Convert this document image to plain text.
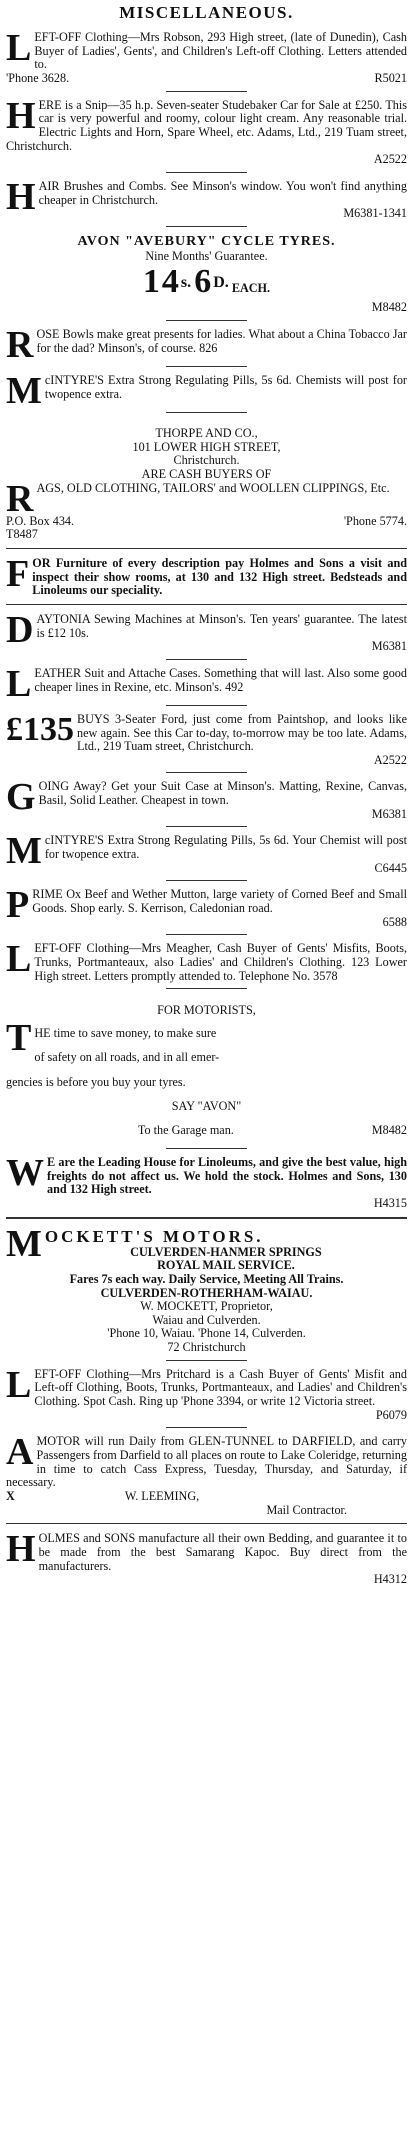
MISCELLANEOUS.
L EFT-OFF Clothing—Mrs Robson, 293 High street, (late of Dunedin), Cash Buyer of Ladies', Gents', and Children's Left-off Clothing. Letters attended to.

'Phone 3628.	R5021

H ERE is a Snip—35 h.p. Seven-seater Studebaker Car for Sale at £250. This car is very powerful and roomy, colour light cream. Any reasonable trial. Electric Lights and Horn, Spare Wheel, etc. Adams, Ltd., 219 Tuam street, Christchurch.

A2522

H AIR Brushes and Combs. See Minson's window. You won't find anything cheaper in Christchurch.

M6381-1341

AVON "AVEBURY" CYCLE TYRES.

Nine Months' Guarantee.

14s. 6D. EACH.

M8482

R OSE Bowls make great presents for ladies. What about a China Tobacco Jar for the dad? Minson's, of course. 826

M cINTYRE'S Extra Strong Regulating Pills, 5s 6d. Chemists will post for twopence extra.

THORPE AND CO.,

101 LOWER HIGH STREET,

Christchurch.

ARE CASH BUYERS OF

R AGS, OLD CLOTHING, TAILORS' and WOOLLEN CLIPPINGS, Etc.

P.O. Box 434.	'Phone 5774.

T8487

F OR Furniture of every description pay Holmes and Sons a visit and inspect their show rooms, at 130 and 132 High street. Bedsteads and Linoleums our speciality.

D AYTONIA Sewing Machines at Minson's. Ten years' guarantee. The latest is £12 10s.

M6381

L EATHER Suit and Attache Cases. Something that will last. Also some good cheaper lines in Rexine, etc. Minson's. 492

£135 BUYS 3-Seater Ford, just come from Paintshop, and looks like new again. See this Car to-day, to-morrow may be too late. Adams, Ltd., 219 Tuam street, Christchurch.

A2522

G OING Away? Get your Suit Case at Minson's. Matting, Rexine, Canvas, Basil, Solid Leather. Cheapest in town.

M6381

M cINTYRE'S Extra Strong Regulating Pills, 5s 6d. Your Chemist will post for twopence extra.

C6445

P RIME Ox Beef and Wether Mutton, large variety of Corned Beef and Small Goods. Shop early. S. Kerrison, Caledonian road.

6588

L EFT-OFF Clothing—Mrs Meagher, Cash Buyer of Gents' Misfits, Boots, Trunks, Portmanteaux, also Ladies' and Children's Clothing. 123 Lower High street. Letters promptly attended to. Telephone No. 3578

FOR MOTORISTS,

T HE time to save money, to make sure

of safety on all roads, and in all emer-

gencies is before you buy your tyres.

SAY "AVON"

To the Garage man.	M8482

W E are the Leading House for Linoleums, and give the best value, high freights do not affect us. We hold the stock. Holmes and Sons, 130 and 132 High street.

H4315

M OCKETT'S MOTORS.

CULVERDEN-HANMER SPRINGS

ROYAL MAIL SERVICE.

Fares 7s each way. Daily Service, Meeting All Trains.

CULVERDEN-ROTHERHAM-WAIAU.

W. MOCKETT, Proprietor,

Waiau and Culverden.

'Phone 10, Waiau. 'Phone 14, Culverden.

72 Christchurch

L EFT-OFF Clothing—Mrs Pritchard is a Cash Buyer of Gents' Misfit and Left-off Clothing, Boots, Trunks, Portmanteaux, and Ladies' and Children's Clothing. Spot Cash. Ring up 'Phone 3394, or write 12 Victoria street.

P6079

A MOTOR will run Daily from GLEN-TUNNEL to DARFIELD, and carry Passengers from Darfield to all places on route to Lake Coleridge, returning in time to catch Cass Express, Tuesday, Thursday, and Saturday, if necessary.

X	W. LEEMING,

Mail Contractor.

H OLMES and SONS manufacture all their own Bedding, and guarantee it to be made from the best Samarang Kapoc. Buy direct from the manufacturers.

H4312
